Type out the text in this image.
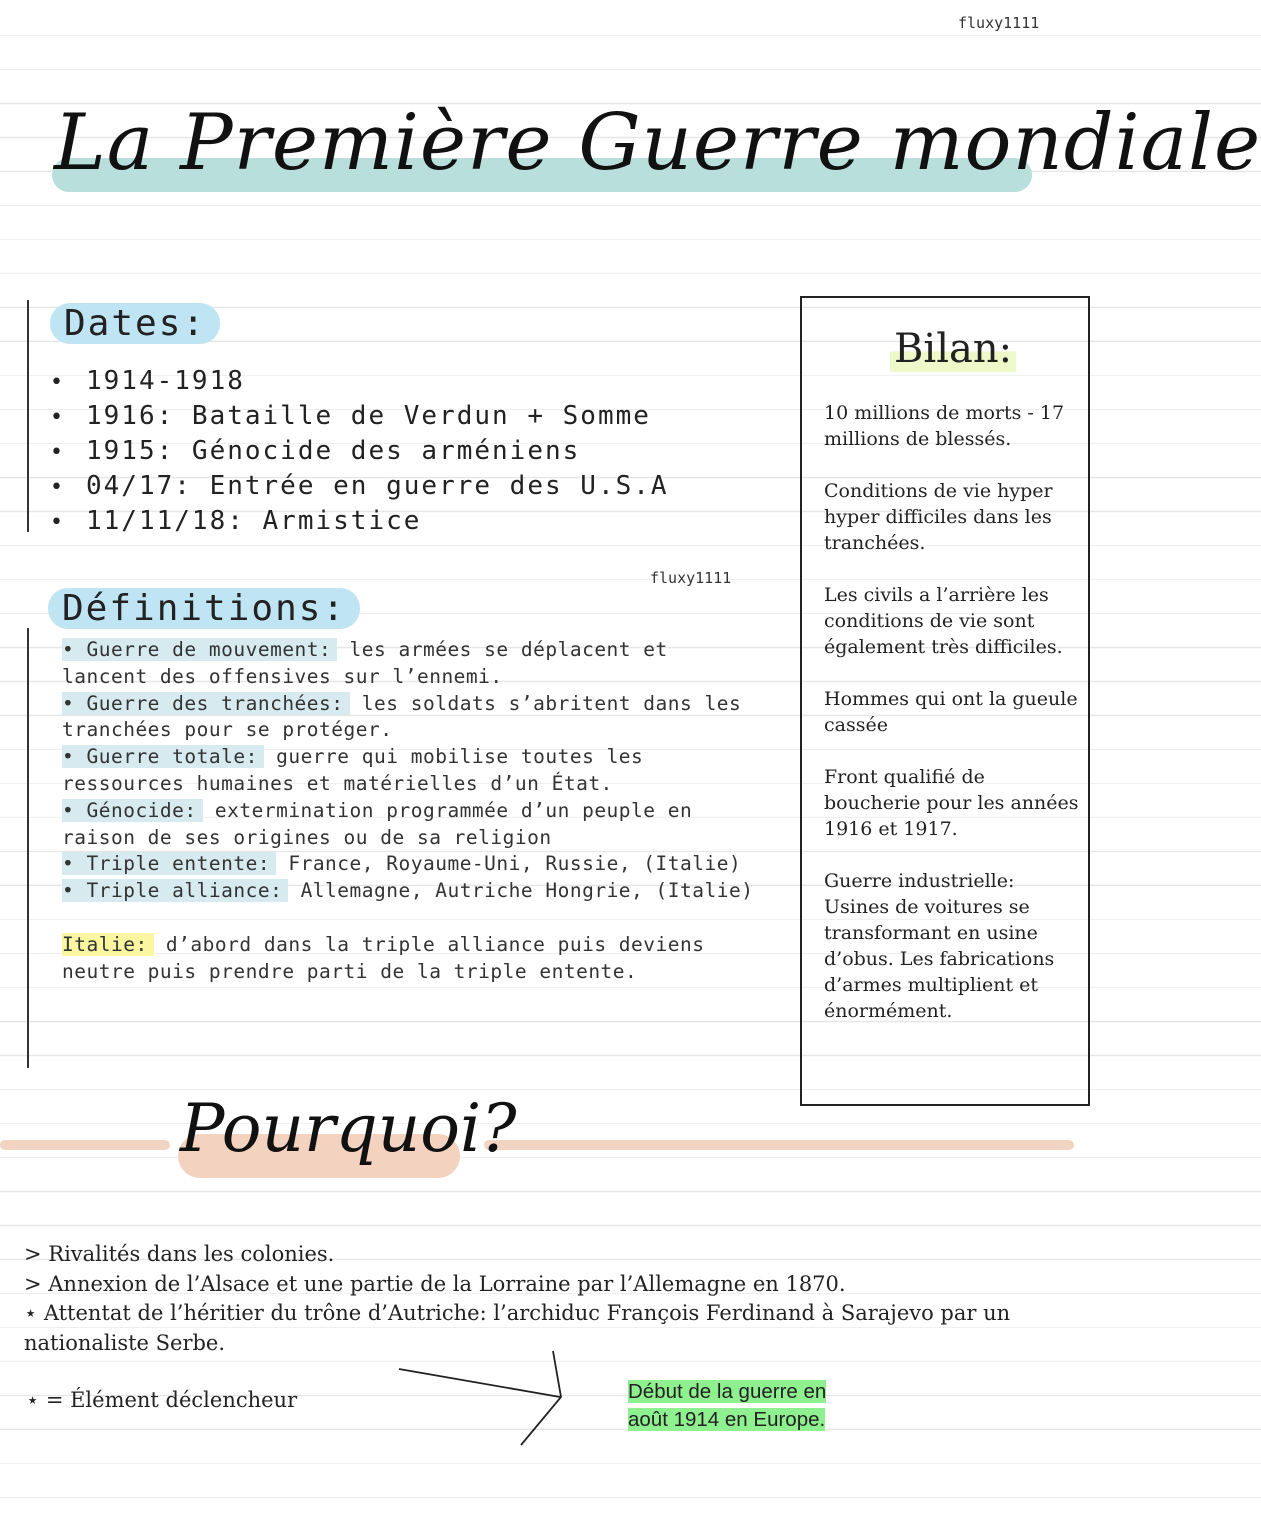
fluxy1111
La Première Guerre mondiale
Dates:
• 1914-1918
• 1916: Bataille de Verdun + Somme
• 1915: Génocide des arméniens
• 04/17: Entrée en guerre des U.S.A
• 11/11/18: Armistice
fluxy1111
Définitions:

• Guerre de mouvement: les armées se déplacent et lancent des offensives sur l’ennemi.

• Guerre des tranchées: les soldats s’abritent dans les tranchées pour se protéger.

• Guerre totale: guerre qui mobilise toutes les ressources humaines et matérielles d’un État.

• Génocide: extermination programmée d’un peuple en raison de ses origines ou de sa religion

• Triple entente: France, Royaume-Uni, Russie, (Italie)

• Triple alliance: Allemagne, Autriche Hongrie, (Italie)

Italie: d’abord dans la triple alliance puis deviens neutre puis prendre parti de la triple entente.

Bilan:

10 millions de morts - 17 millions de blessés.

Conditions de vie hyper hyper difficiles dans les tranchées.

Les civils a l’arrière les conditions de vie sont également très difficiles.

Hommes qui ont la gueule cassée

Front qualifié de boucherie pour les années 1916 et 1917.

Guerre industrielle: Usines de voitures se transformant en usine d’obus. Les fabrications d’armes multiplient et énormément.

Pourquoi?

> Rivalités dans les colonies.

> Annexion de l’Alsace et une partie de la Lorraine par l’Allemagne en 1870.

⋆ Attentat de l’héritier du trône d’Autriche: l’archiduc François Ferdinand à Sarajevo par un nationaliste Serbe.

⋆ = Élément déclencheur	Début de la guerre en août 1914 en Europe.
